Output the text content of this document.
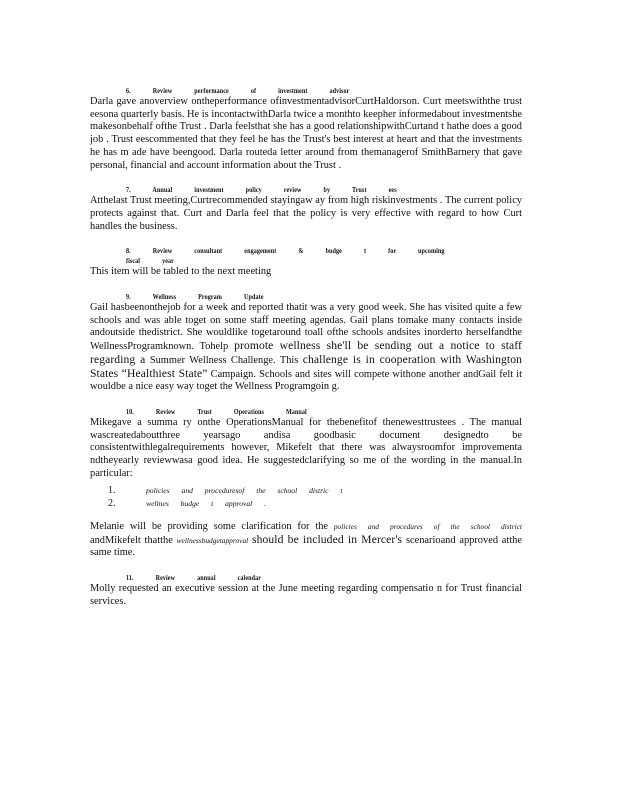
6. Review performance of investment advisor

Darla gave anoverview ontheperformance ofinvestmentadvisorCurtHaldorson. Curt meetswiththe trust eesona quarterly basis. He is incontactwithDarla twice a monthto keepher informedabout investmentshe makesonbehalf ofthe Trust . Darla feelsthat she has a good relationshipwithCurtand t hathe does a good job . Trust eescommented that they feel he has the Trust's best interest at heart and that the investments he has m ade have beengood. Darla routeda letter around from themanagerof SmithBarnery that gave personal, financial and account information about the Trust .

7. Annual investment policy review by Trust ees

Atthelast Trust meeting,Curtrecommended stayingaw ay from high riskinvestments . The current policy protects against that. Curt and Darla feel that the policy is very effective with regard to how Curt handles the business.

8. Review consultant engagement & budge t for upcoming fiscal year

This item will be tabled to the next meeting

9. Wellness Program Update

Gail hasbeenonthejob for a week and reported thatit was a very good week. She has visited quite a few schools and was able toget on some staff meeting agendas. Gail plans tomake many contacts inside andoutside thedistrict. She wouldlike togetaround toall ofthe schools andsites inorderto herselfandthe WellnessProgramknown. Tohelp promote wellness she'll be sending out a notice to staff regarding a Summer Wellness Challenge. This challenge is in cooperation with Washington States “Healthiest State” Campaign. Schools and sites will compete withone another andGail felt it wouldbe a nice easy way toget the Wellness Programgoin g.

10. Review Trust Operations Manual

Mikegave a summa ry onthe OperationsManual for thebenefitof thenewesttrustees . The manual wascreatedaboutthree yearsago andisa goodbasic document designedto be consistentwithlegalrequirements however, Mikefelt that there was alwaysroomfor improvementa ndtheyearly reviewwasa good idea. He suggestedclarifying so me of the wording in the manual.In particular:

1.	policies and proceduresof the school distric t
2.	wellnes budge t approval .

Melanie will be providing some clarification for the policies and procedures of the school district andMikefelt thatthe wellnessbudgetapproval should be included in Mercer's scenarioand approved atthe same time.

11. Review annual calendar

Molly requested an executive session at the June meeting regarding compensatio n for Trust financial services.
